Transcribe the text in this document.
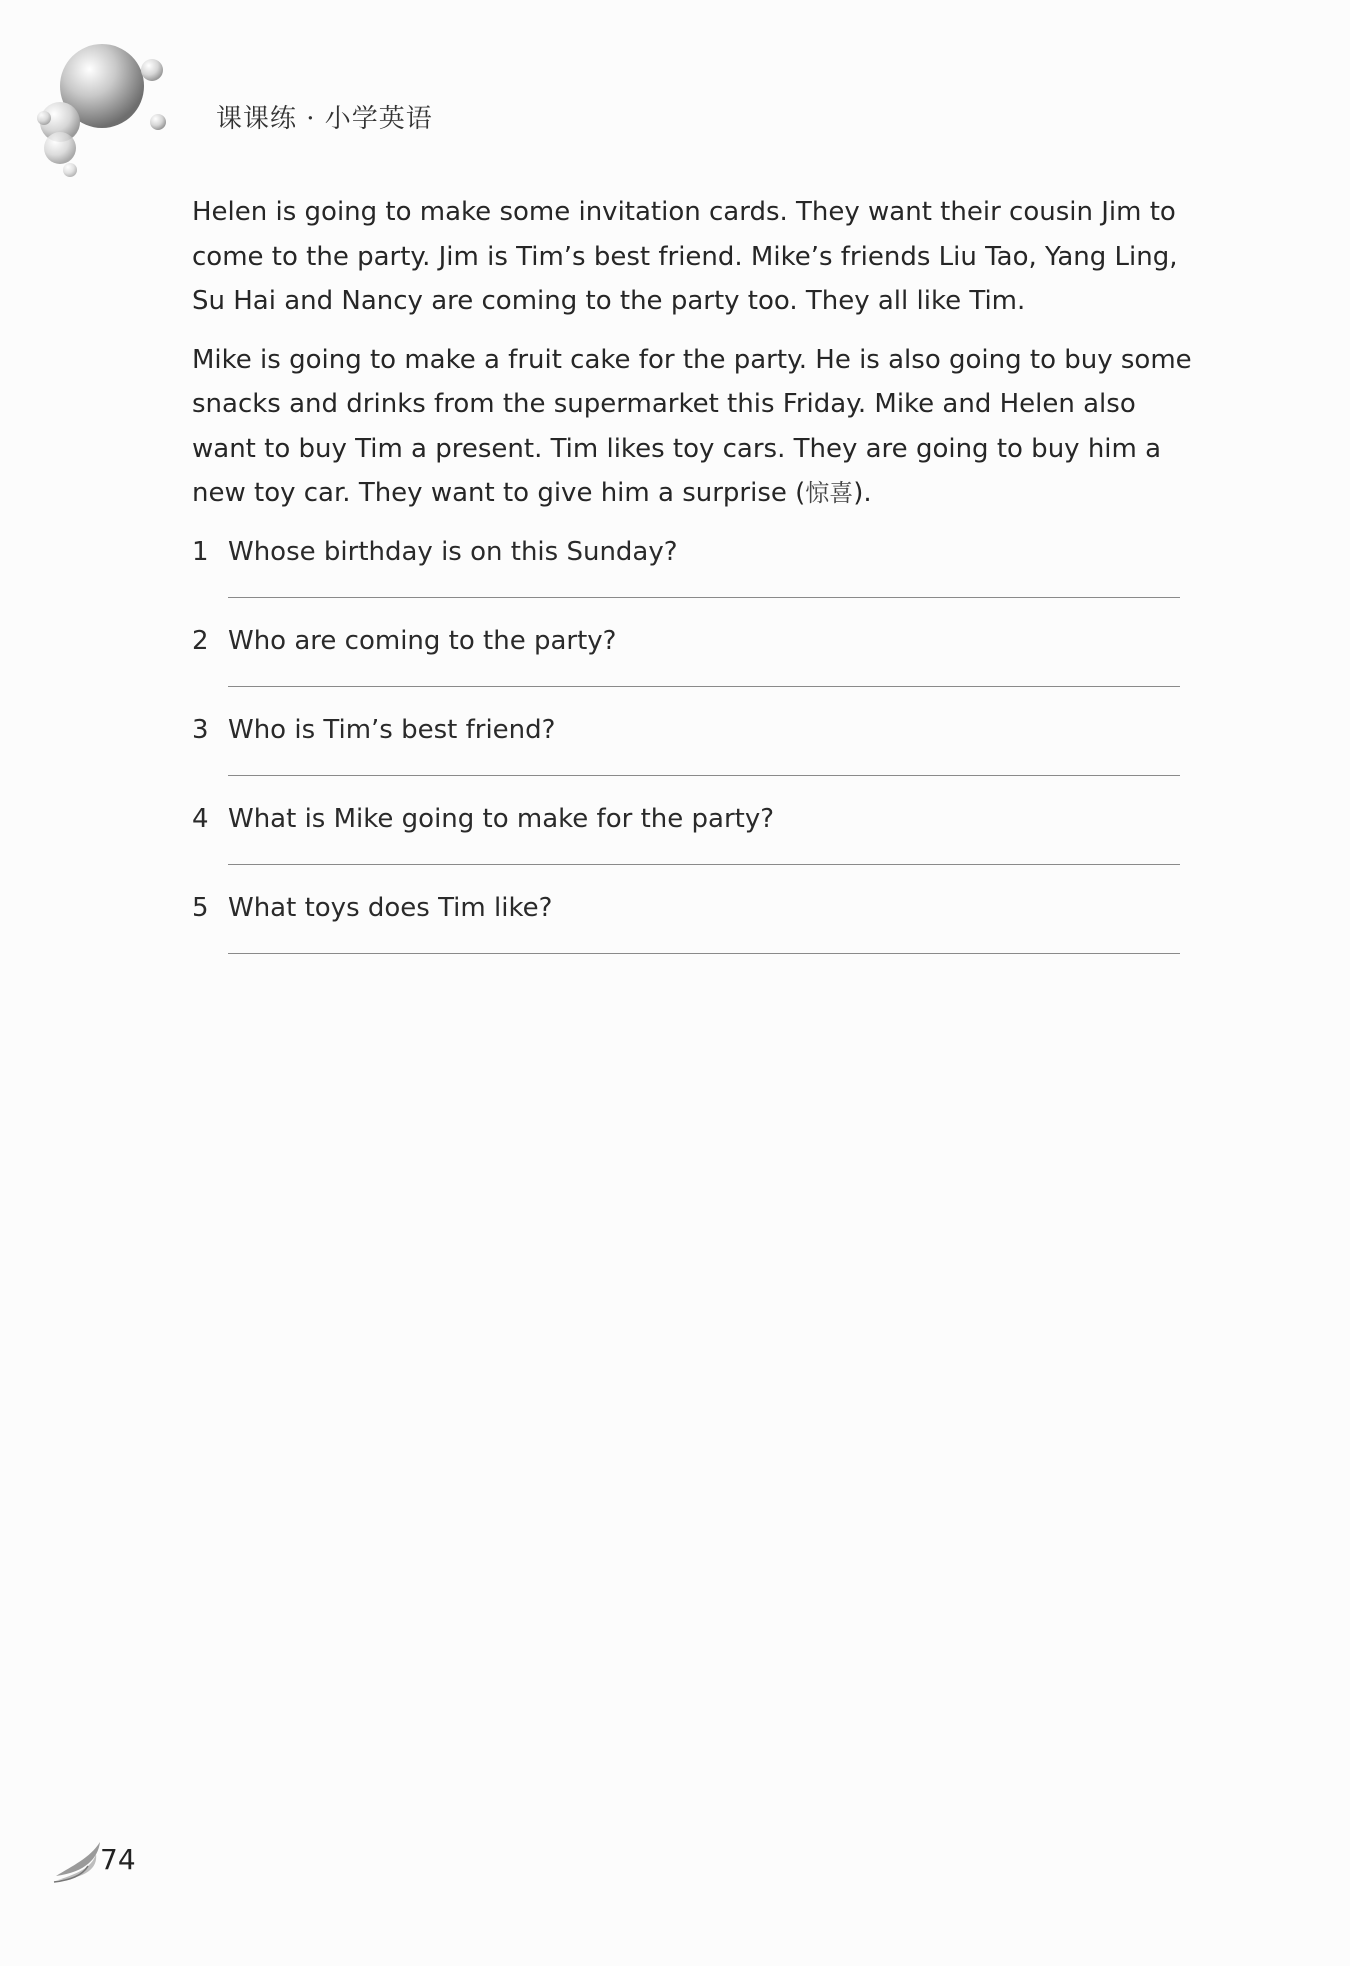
课课练 · 小学英语

Helen is going to make some invitation cards. They want their cousin Jim to come to the party. Jim is Tim’s best friend. Mike’s friends Liu Tao, Yang Ling, Su Hai and Nancy are coming to the party too. They all like Tim.

Mike is going to make a fruit cake for the party. He is also going to buy some snacks and drinks from the supermarket this Friday. Mike and Helen also want to buy Tim a present. Tim likes toy cars. They are going to buy him a new toy car. They want to give him a surprise (惊喜).

1 Whose birthday is on this Sunday?
2 Who are coming to the party?
3 Who is Tim’s best friend?
4 What is Mike going to make for the party?
5 What toys does Tim like?
74
